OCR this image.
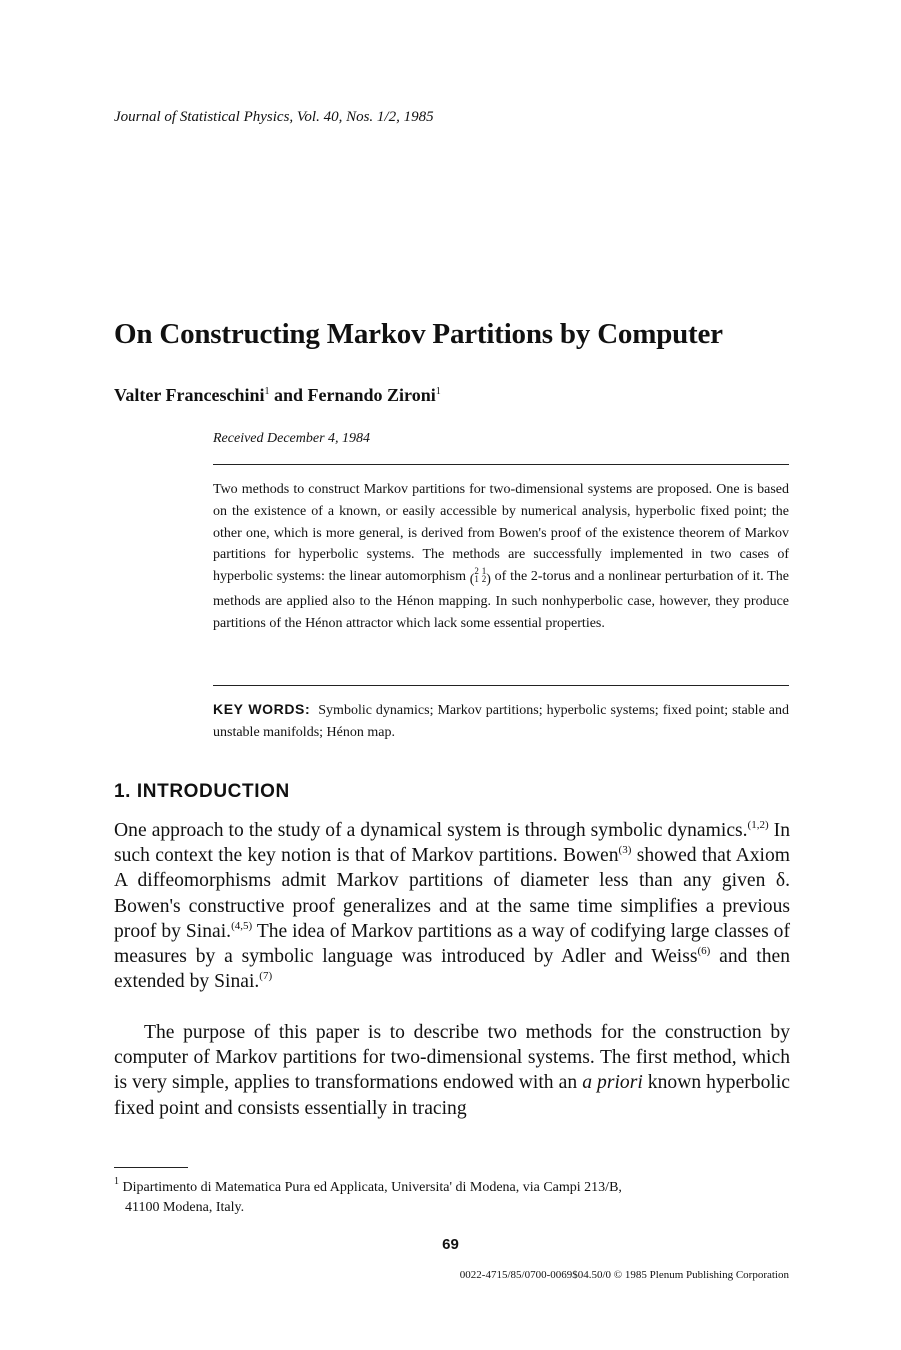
Journal of Statistical Physics, Vol. 40, Nos. 1/2, 1985
On Constructing Markov Partitions by Computer
Valter Franceschini$^1$ and Fernando Zironi$^1$
Received December 4, 1984
Two methods to construct Markov partitions for two-dimensional systems are proposed. One is based on the existence of a known, or easily accessible by numerical analysis, hyperbolic fixed point; the other one, which is more general, is derived from Bowen's proof of the existence theorem of Markov partitions for hyperbolic systems. The methods are successfully implemented in two cases of hyperbolic systems: the linear automorphism (2
1 1
2) of the 2-torus and a nonlinear perturbation of it. The methods are applied also to the Hénon mapping. In such nonhyperbolic case, however, they produce partitions of the Hénon attractor which lack some essential properties.
KEY WORDS: Symbolic dynamics; Markov partitions; hyperbolic systems; fixed point; stable and unstable manifolds; Hénon map.
1. INTRODUCTION
One approach to the study of a dynamical system is through symbolic dynamics.$^{(1,2)}$ In such context the key notion is that of Markov partitions. Bowen$^{(3)}$ showed that Axiom A diffeomorphisms admit Markov partitions of diameter less than any given δ. Bowen's constructive proof generalizes and at the same time simplifies a previous proof by Sinai.$^{(4,5)}$ The idea of Markov partitions as a way of codifying large classes of measures by a symbolic language was introduced by Adler and Weiss$^{(6)}$ and then extended by Sinai.$^{(7)}$
The purpose of this paper is to describe two methods for the construction by computer of Markov partitions for two-dimensional systems. The first method, which is very simple, applies to transformations endowed with an a priori known hyperbolic fixed point and consists essentially in tracing
$^1$ Dipartimento di Matematica Pura ed Applicata, Universita' di Modena, via Campi 213/B,
41100 Modena, Italy.
69
0022-4715/85/0700-0069$04.50/0 © 1985 Plenum Publishing Corporation
